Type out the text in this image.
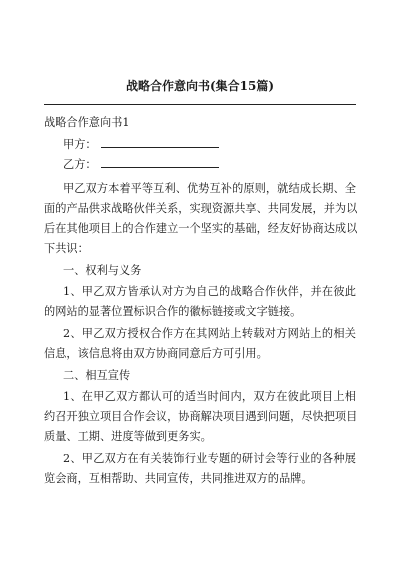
战略合作意向书(集合15篇)
战略合作意向书1
甲方：
乙方：
甲乙双方本着平等互利、优势互补的原则，就结成长期、全
面的产品供求战略伙伴关系，实现资源共享、共同发展，并为以
后在其他项目上的合作建立一个坚实的基础，经友好协商达成以
下共识：
一、权利与义务
1、甲乙双方皆承认对方为自己的战略合作伙伴，并在彼此
的网站的显著位置标识合作的徽标链接或文字链接。
2、甲乙双方授权合作方在其网站上转载对方网站上的相关
信息，该信息将由双方协商同意后方可引用。
二、相互宣传
1、在甲乙双方都认可的适当时间内，双方在彼此项目上相
约召开独立项目合作会议，协商解决项目遇到问题，尽快把项目
质量、工期、进度等做到更务实。
2、甲乙双方在有关装饰行业专题的研讨会等行业的各种展
览会商，互相帮助、共同宣传，共同推进双方的品牌。
